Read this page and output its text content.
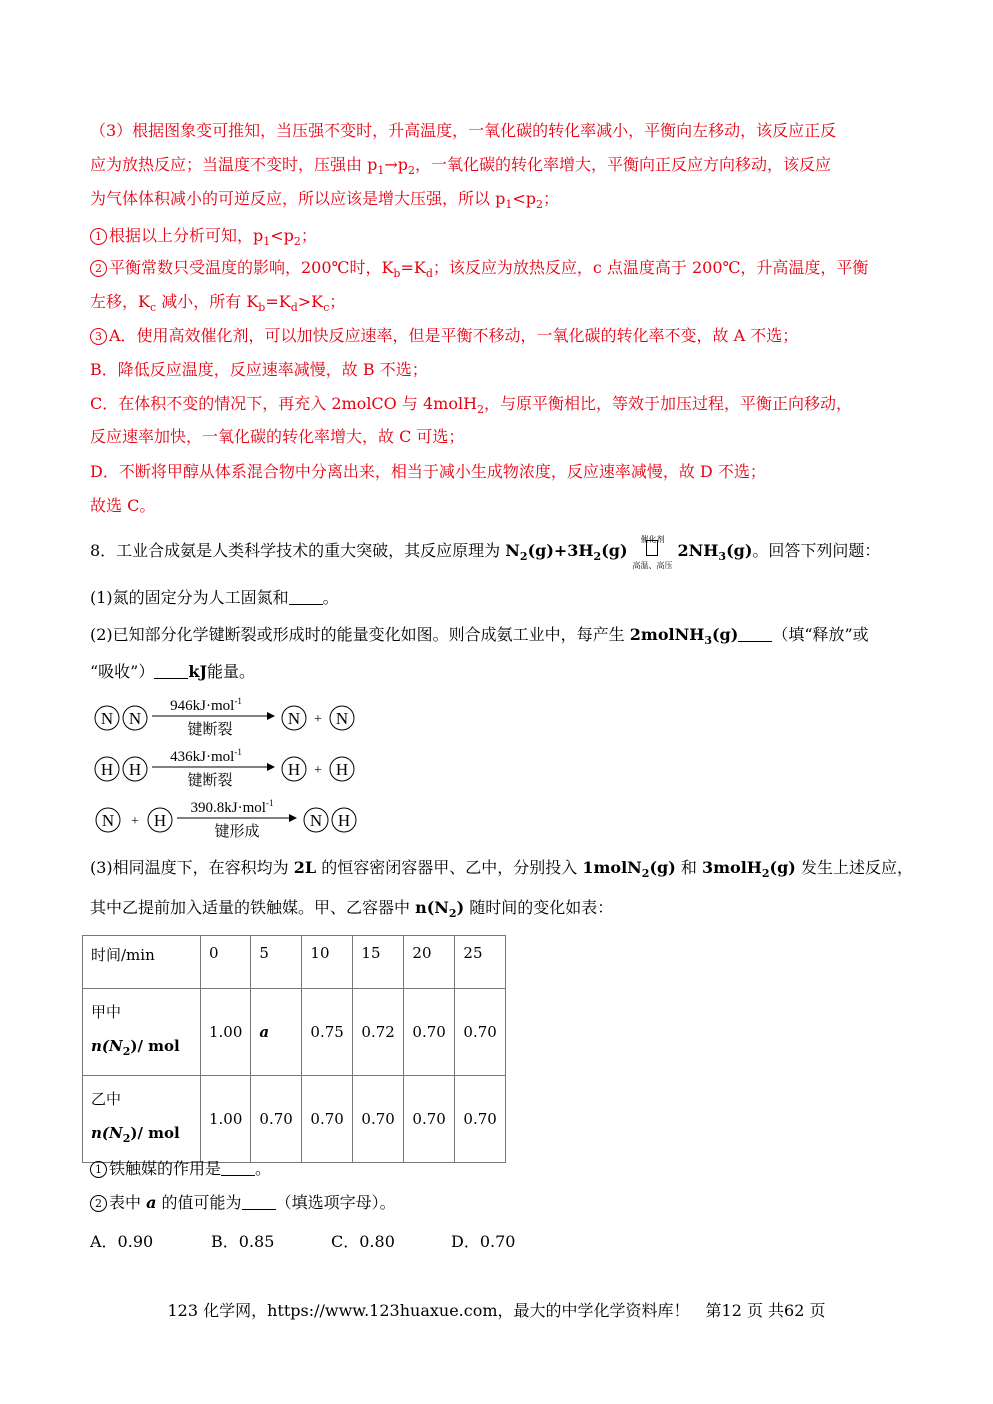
（3）根据图象变可推知，当压强不变时，升高温度，一氧化碳的转化率减小，平衡向左移动，该反应正反
应为放热反应；当温度不变时，压强由 $p_1\to p_2$，一氧化碳的转化率增大，平衡向正反应方向移动，该反应
为气体体积减小的可逆反应，所以应该是增大压强，所以 $p_1<p_2$；
1 根据以上分析可知，$p_1<p_2$；
2 平衡常数只受温度的影响，200℃时，$K_b=K_d$；该反应为放热反应，c 点温度高于 200℃，升高温度，平衡
左移，$K_c$ 减小，所有 $K_b=K_d>K_c$；
3 A．使用高效催化剂，可以加快反应速率，但是平衡不移动，一氧化碳的转化率不变，故 A 不选；
B．降低反应温度，反应速率减慢，故 B 不选；
C．在体积不变的情况下，再充入 2molCO 与 4molH$_2$，与原平衡相比，等效于加压过程，平衡正向移动，
反应速率加快，一氧化碳的转化率增大，故 C 可选；
D．不断将甲醇从体系混合物中分离出来，相当于减小生成物浓度，反应速率减慢，故 D 不选；
故选 C。
8．工业合成氨是人类科学技术的重大突破，其反应原理为 $N_2(g)+3H_2(g)$
催化剂
高温、高压
$2NH_3(g)$。回答下列问题：
(1)氮的固定分为人工固氮和 。
(2)已知部分化学键断裂或形成时的能量变化如图。则合成氨工业中，每产生 2molNH$_3$(g) （填“释放”或
“吸收”） kJ能量。
N N
946kJ·mol$^{-1}$
键断裂
N + N
H H
436kJ·mol$^{-1}$
键断裂
H + H
N + H
390.8kJ·mol$^{-1}$
键形成
N H
(3)相同温度下，在容积均为 2L 的恒容密闭容器甲、乙中，分别投入 1molN$_2$(g) 和 3molH$_2$(g) 发生上述反应，
其中乙提前加入适量的铁触媒。甲、乙容器中 $n(N_2)$ 随时间的变化如表：
时间/min	0	5	10	15	20	25

甲中
$n(N_2)/$ mol	1.00	a	0.75	0.72	0.70	0.70

乙中
$n(N_2)/$ mol	1.00	0.70	0.70	0.70	0.70	0.70
1 铁触媒的作用是 。
2 表中 a 的值可能为 （填选项字母）。
A．0.90	B．0.85	C．0.80	D．0.70
123 化学网，https://www.123huaxue.com，最大的中学化学资料库！　第12 页 共62 页
